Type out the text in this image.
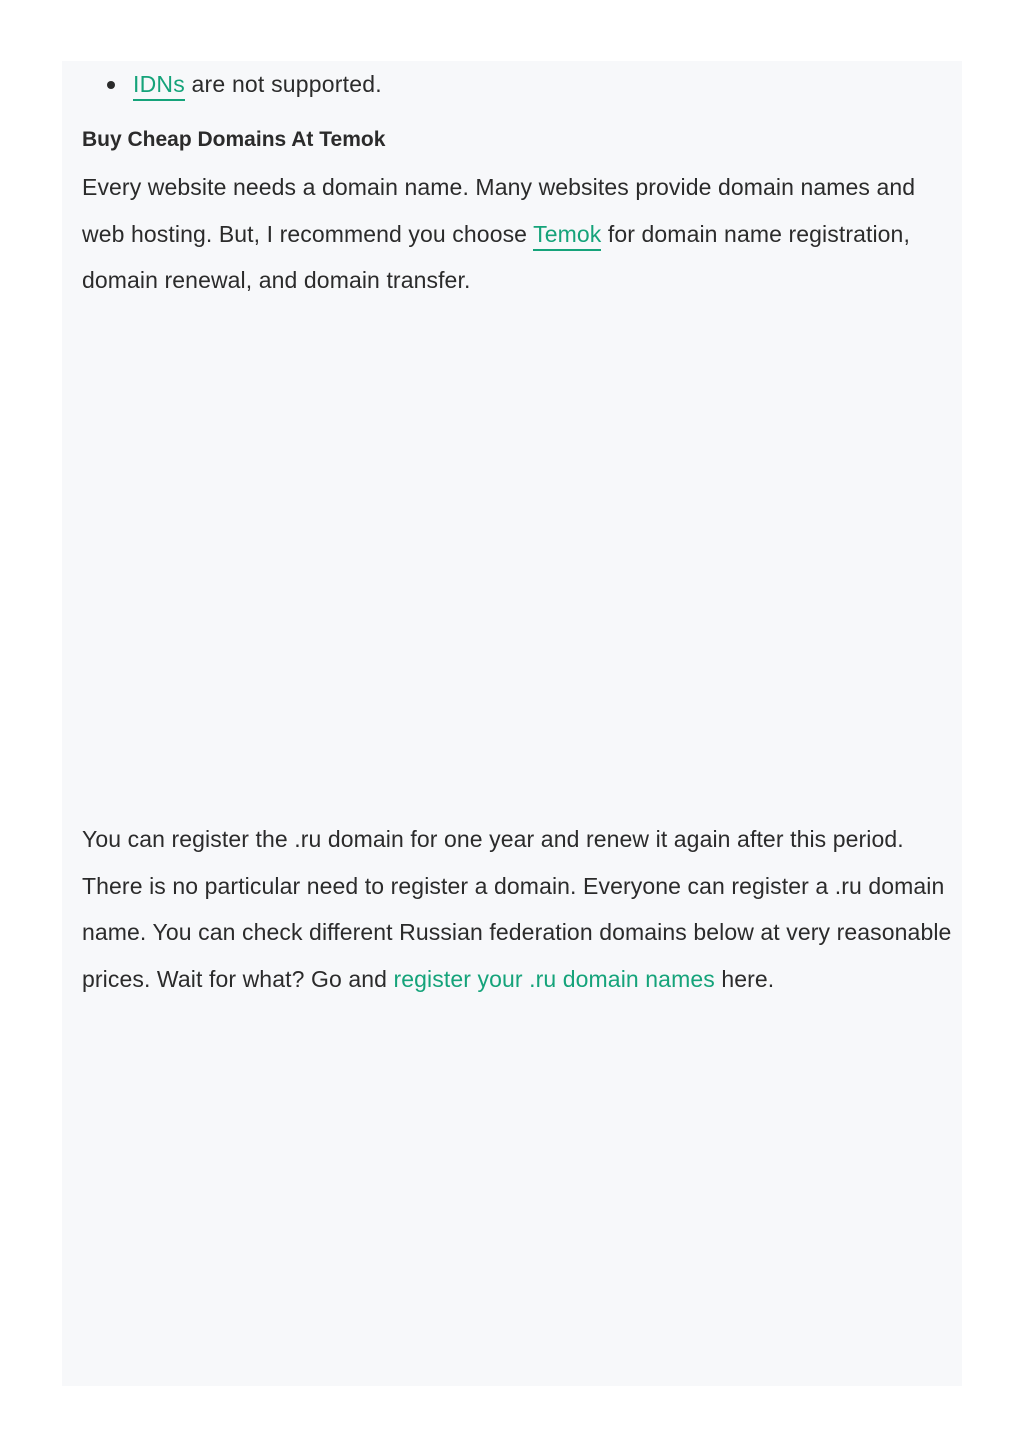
IDNs are not supported.
Buy Cheap Domains At Temok

Every website needs a domain name. Many websites provide domain names and web hosting. But, I recommend you choose Temok for domain name registration, domain renewal, and domain transfer.

You can register the .ru domain for one year and renew it again after this period. There is no particular need to register a domain. Everyone can register a .ru domain name. You can check different Russian federation domains below at very reasonable prices. Wait for what? Go and register your .ru domain names here.
